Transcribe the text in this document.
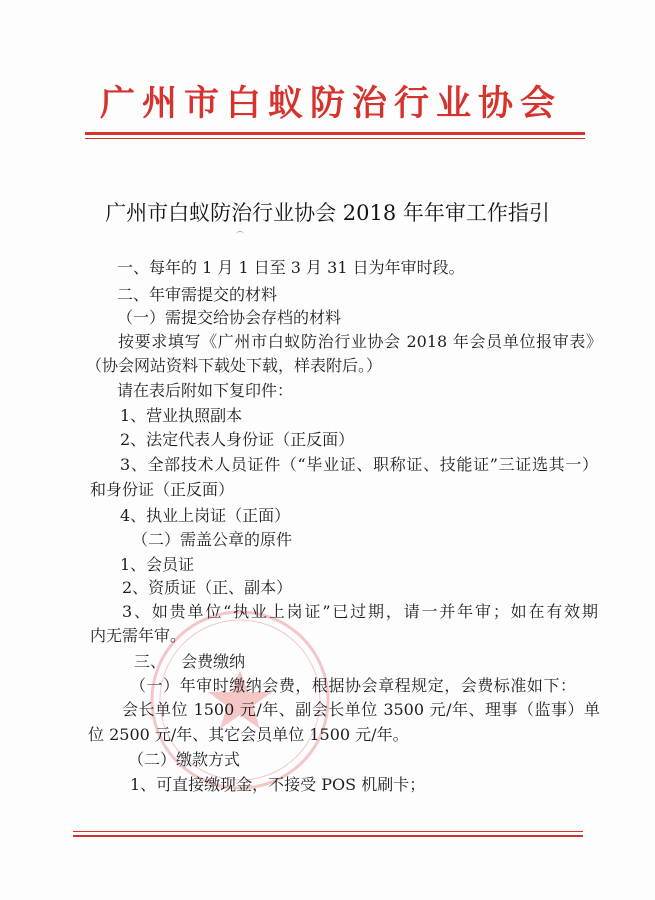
广州市白蚁防治行业协会
广州市白蚁防治行业协会 2018 年年审工作指引
一、每年的 1 月 1 日至 3 月 31 日为年审时段。
二、年审需提交的材料
（一）需提交给协会存档的材料
按要求填写《广州市白蚁防治行业协会 2018 年会员单位报审表》
（协会网站资料下载处下载，样表附后。）
请在表后附如下复印件：
1、营业执照副本
2、法定代表人身份证（正反面）
3、全部技术人员证件（“毕业证、职称证、技能证”三证选其一）
和身份证（正反面）
4、执业上岗证（正面）
（二）需盖公章的原件
1、会员证
2、资质证（正、副本）
3、如贵单位“执业上岗证”已过期，请一并年审；如在有效期
内无需年审。
三、 会费缴纳
（一）年审时缴纳会费，根据协会章程规定，会费标准如下：
会长单位 1500 元/年、副会长单位 3500 元/年、理事（监事）单
位 2500 元/年、其它会员单位 1500 元/年。
（二）缴款方式
1、可直接缴现金，不接受 POS 机刷卡；
